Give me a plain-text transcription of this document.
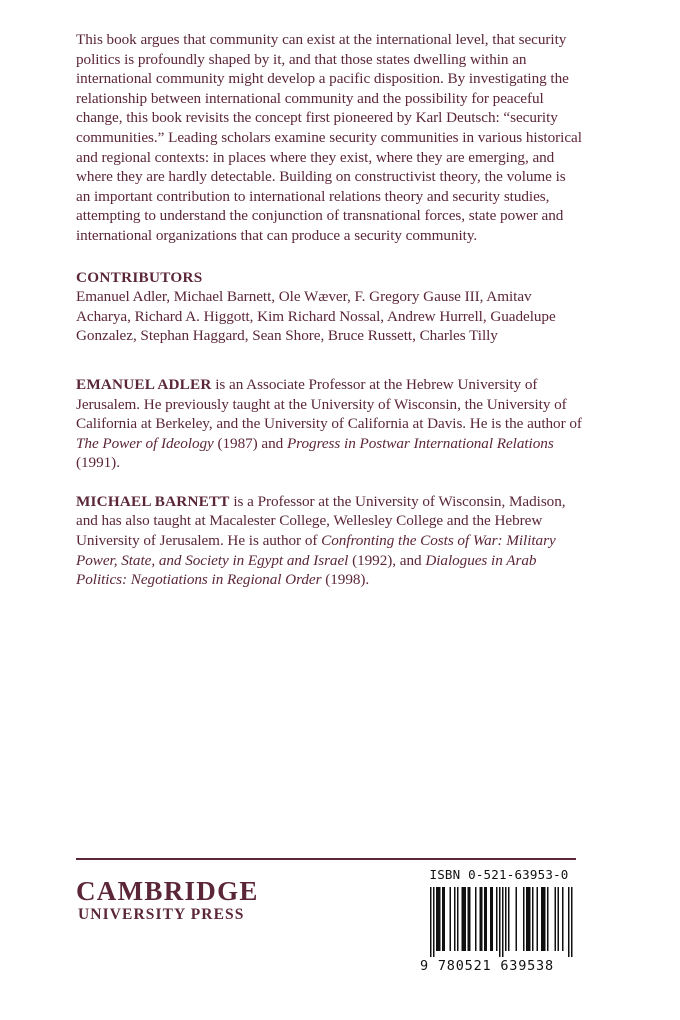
This book argues that community can exist at the international level, that security politics is profoundly shaped by it, and that those states dwelling within an international community might develop a pacific disposition. By investigating the relationship between international community and the possibility for peaceful change, this book revisits the concept first pioneered by Karl Deutsch: “security communities.” Leading scholars examine security communities in various historical and regional contexts: in places where they exist, where they are emerging, and where they are hardly detectable. Building on constructivist theory, the volume is an important contribution to international relations theory and security studies, attempting to understand the conjunction of transnational forces, state power and international organizations that can produce a security community.

CONTRIBUTORS

Emanuel Adler, Michael Barnett, Ole Wæver, F. Gregory Gause III, Amitav Acharya, Richard A. Higgott, Kim Richard Nossal, Andrew Hurrell, Guadelupe Gonzalez, Stephan Haggard, Sean Shore, Bruce Russett, Charles Tilly

EMANUEL ADLER is an Associate Professor at the Hebrew University of Jerusalem. He previously taught at the University of Wisconsin, the University of California at Berkeley, and the University of California at Davis. He is the author of The Power of Ideology (1987) and Progress in Postwar International Relations (1991).

MICHAEL BARNETT is a Professor at the University of Wisconsin, Madison, and has also taught at Macalester College, Wellesley College and the Hebrew University of Jerusalem. He is author of Confronting the Costs of War: Military Power, State, and Society in Egypt and Israel (1992), and Dialogues in Arab Politics: Negotiations in Regional Order (1998).

CAMBRIDGE
UNIVERSITY PRESS
ISBN 0-521-63953-0
9 780521 639538
